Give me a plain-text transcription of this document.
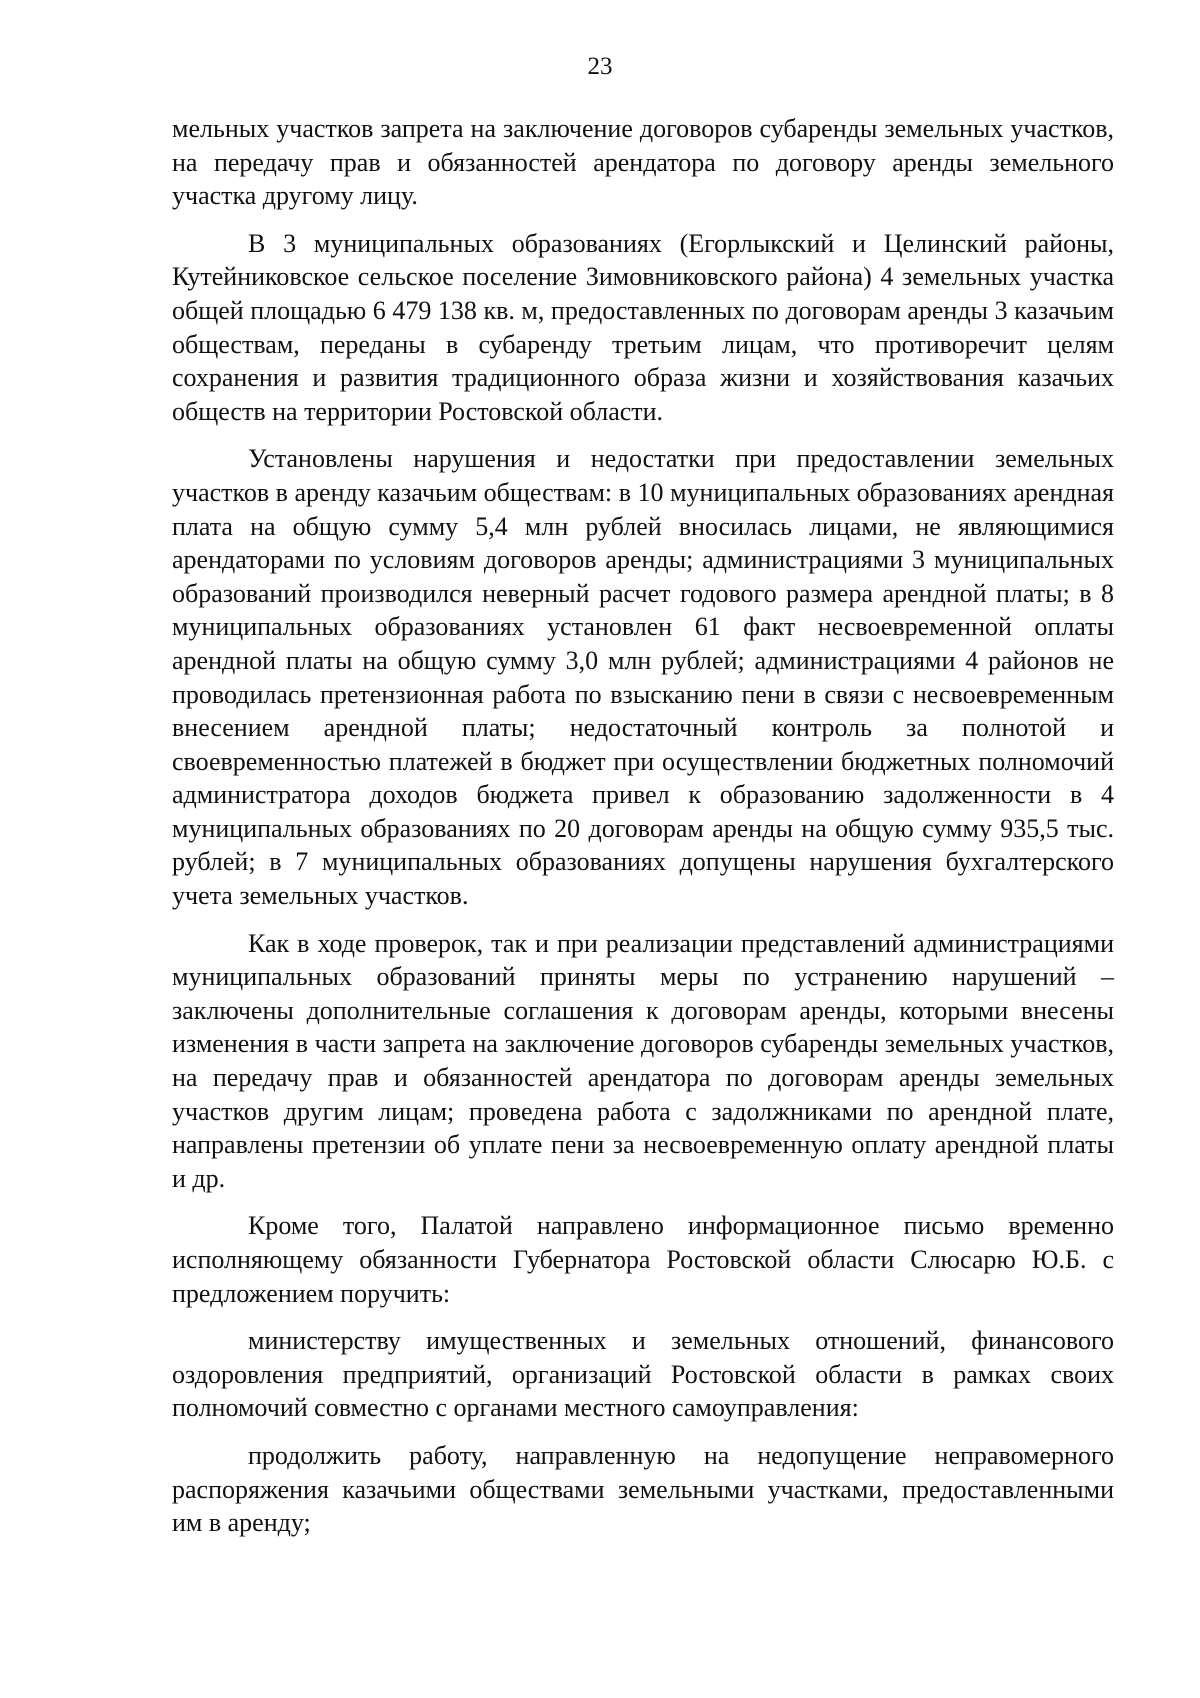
23

мельных участков запрета на заключение договоров субаренды земельных участков, на передачу прав и обязанностей арендатора по договору аренды земельного участка другому лицу.

В 3 муниципальных образованиях (Егорлыкский и Целинский районы, Кутейниковское сельское поселение Зимовниковского района) 4 земельных участка общей площадью 6 479 138 кв. м, предоставленных по договорам аренды 3 казачьим обществам, переданы в субаренду третьим лицам, что противоречит целям сохранения и развития традиционного образа жизни и хозяйствования казачьих обществ на территории Ростовской области.

Установлены нарушения и недостатки при предоставлении земельных участков в аренду казачьим обществам: в 10 муниципальных образованиях арендная плата на общую сумму 5,4 млн рублей вносилась лицами, не являющимися арендаторами по условиям договоров аренды; администрациями 3 муниципальных образований производился неверный расчет годового размера арендной платы; в 8 муниципальных образованиях установлен 61 факт несвоевременной оплаты арендной платы на общую сумму 3,0 млн рублей; администрациями 4 районов не проводилась претензионная работа по взысканию пени в связи с несвоевременным внесением арендной платы; недостаточный контроль за полнотой и своевременностью платежей в бюджет при осуществлении бюджетных полномочий администратора доходов бюджета привел к образованию задолженности в 4 муниципальных образованиях по 20 договорам аренды на общую сумму 935,5 тыс. рублей; в 7 муниципальных образованиях допущены нарушения бухгалтерского учета земельных участков.

Как в ходе проверок, так и при реализации представлений администрациями муниципальных образований приняты меры по устранению нарушений – заключены дополнительные соглашения к договорам аренды, которыми внесены изменения в части запрета на заключение договоров субаренды земельных участков, на передачу прав и обязанностей арендатора по договорам аренды земельных участков другим лицам; проведена работа с задолжниками по арендной плате, направлены претензии об уплате пени за несвоевременную оплату арендной платы и др.

Кроме того, Палатой направлено информационное письмо временно исполняющему обязанности Губернатора Ростовской области Слюсарю Ю.Б. с предложением поручить:

министерству имущественных и земельных отношений, финансового оздоровления предприятий, организаций Ростовской области в рамках своих полномочий совместно с органами местного самоуправления:

продолжить работу, направленную на недопущение неправомерного распоряжения казачьими обществами земельными участками, предоставленными им в аренду;
